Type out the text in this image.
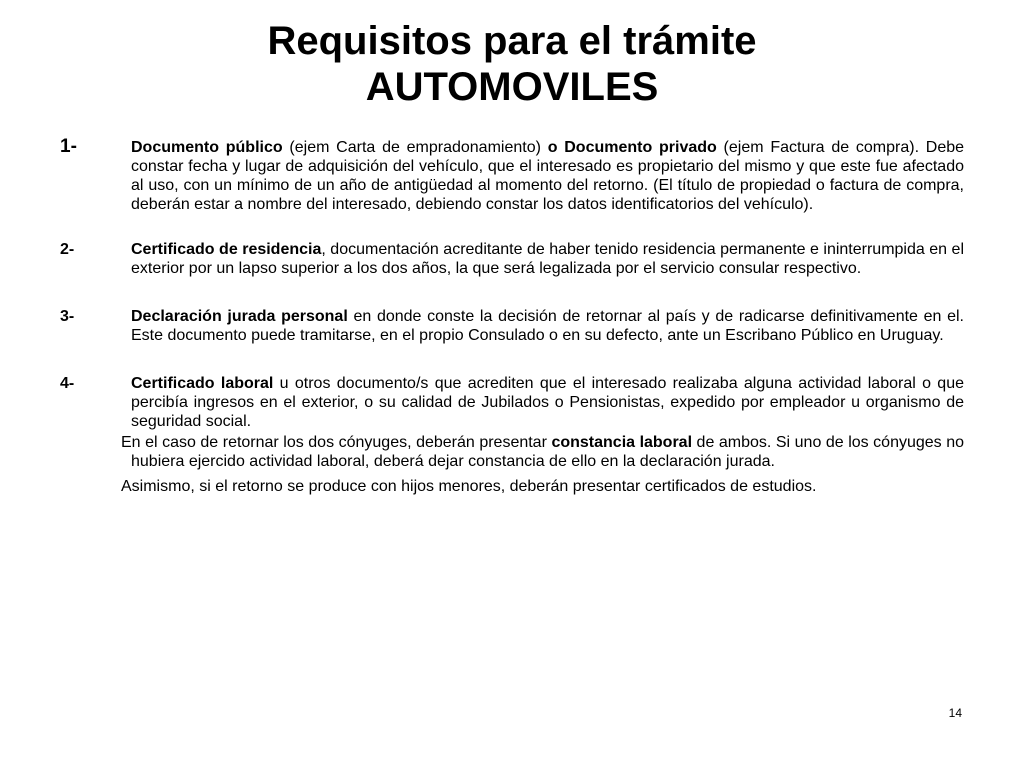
Requisitos para el trámite
AUTOMOVILES
1-	Documento público (ejem Carta de empradonamiento) o Documento privado (ejem Factura de compra). Debe constar fecha y lugar de adquisición del vehículo, que el interesado es propietario del mismo y que este fue afectado al uso, con un mínimo de un año de antigüedad al momento del retorno. (El título de propiedad o factura de compra, deberán estar a nombre del interesado, debiendo constar los datos identificatorios del vehículo).

2-	Certificado de residencia, documentación acreditante de haber tenido residencia permanente e ininterrumpida en el exterior por un lapso superior a los dos años, la que será legalizada por el servicio consular respectivo.

3-	Declaración jurada personal en donde conste la decisión de retornar al país y de radicarse definitivamente en el. Este documento puede tramitarse, en el propio Consulado o en su defecto, ante un Escribano Público en Uruguay.

4-	Certificado laboral u otros documento/s que acrediten que el interesado realizaba alguna actividad laboral o que percibía ingresos en el exterior, o su calidad de Jubilados o Pensionistas, expedido por empleador u organismo de seguridad social.

En el caso de retornar los dos cónyuges, deberán presentar constancia laboral de ambos. Si uno de los cónyuges no hubiera ejercido actividad laboral, deberá dejar constancia de ello en la declaración jurada.

Asimismo, si el retorno se produce con hijos menores, deberán presentar certificados de estudios.

14
